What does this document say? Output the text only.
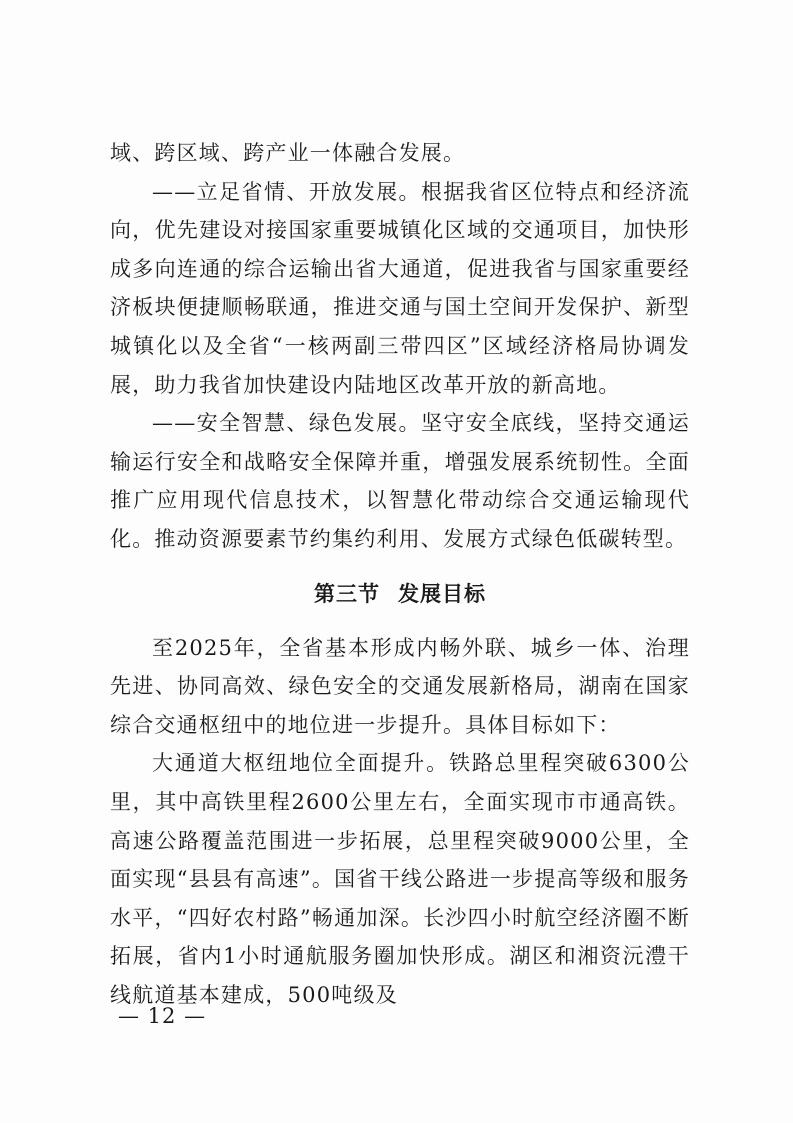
域、跨区域、跨产业一体融合发展。

——立足省情、开放发展。根据我省区位特点和经济流向，优先建设对接国家重要城镇化区域的交通项目，加快形成多向连通的综合运输出省大通道，促进我省与国家重要经济板块便捷顺畅联通，推进交通与国土空间开发保护、新型城镇化以及全省“一核两副三带四区”区域经济格局协调发展，助力我省加快建设内陆地区改革开放的新高地。

——安全智慧、绿色发展。坚守安全底线，坚持交通运输运行安全和战略安全保障并重，增强发展系统韧性。全面推广应用现代信息技术，以智慧化带动综合交通运输现代化。推动资源要素节约集约利用、发展方式绿色低碳转型。

第三节 发展目标

至2025年，全省基本形成内畅外联、城乡一体、治理先进、协同高效、绿色安全的交通发展新格局，湖南在国家综合交通枢纽中的地位进一步提升。具体目标如下：

大通道大枢纽地位全面提升。铁路总里程突破6300公里，其中高铁里程2600公里左右，全面实现市市通高铁。高速公路覆盖范围进一步拓展，总里程突破9000公里，全面实现“县县有高速”。国省干线公路进一步提高等级和服务水平，“四好农村路”畅通加深。长沙四小时航空经济圈不断拓展，省内1小时通航服务圈加快形成。湖区和湘资沅澧干线航道基本建成，500吨级及

— 12 —
